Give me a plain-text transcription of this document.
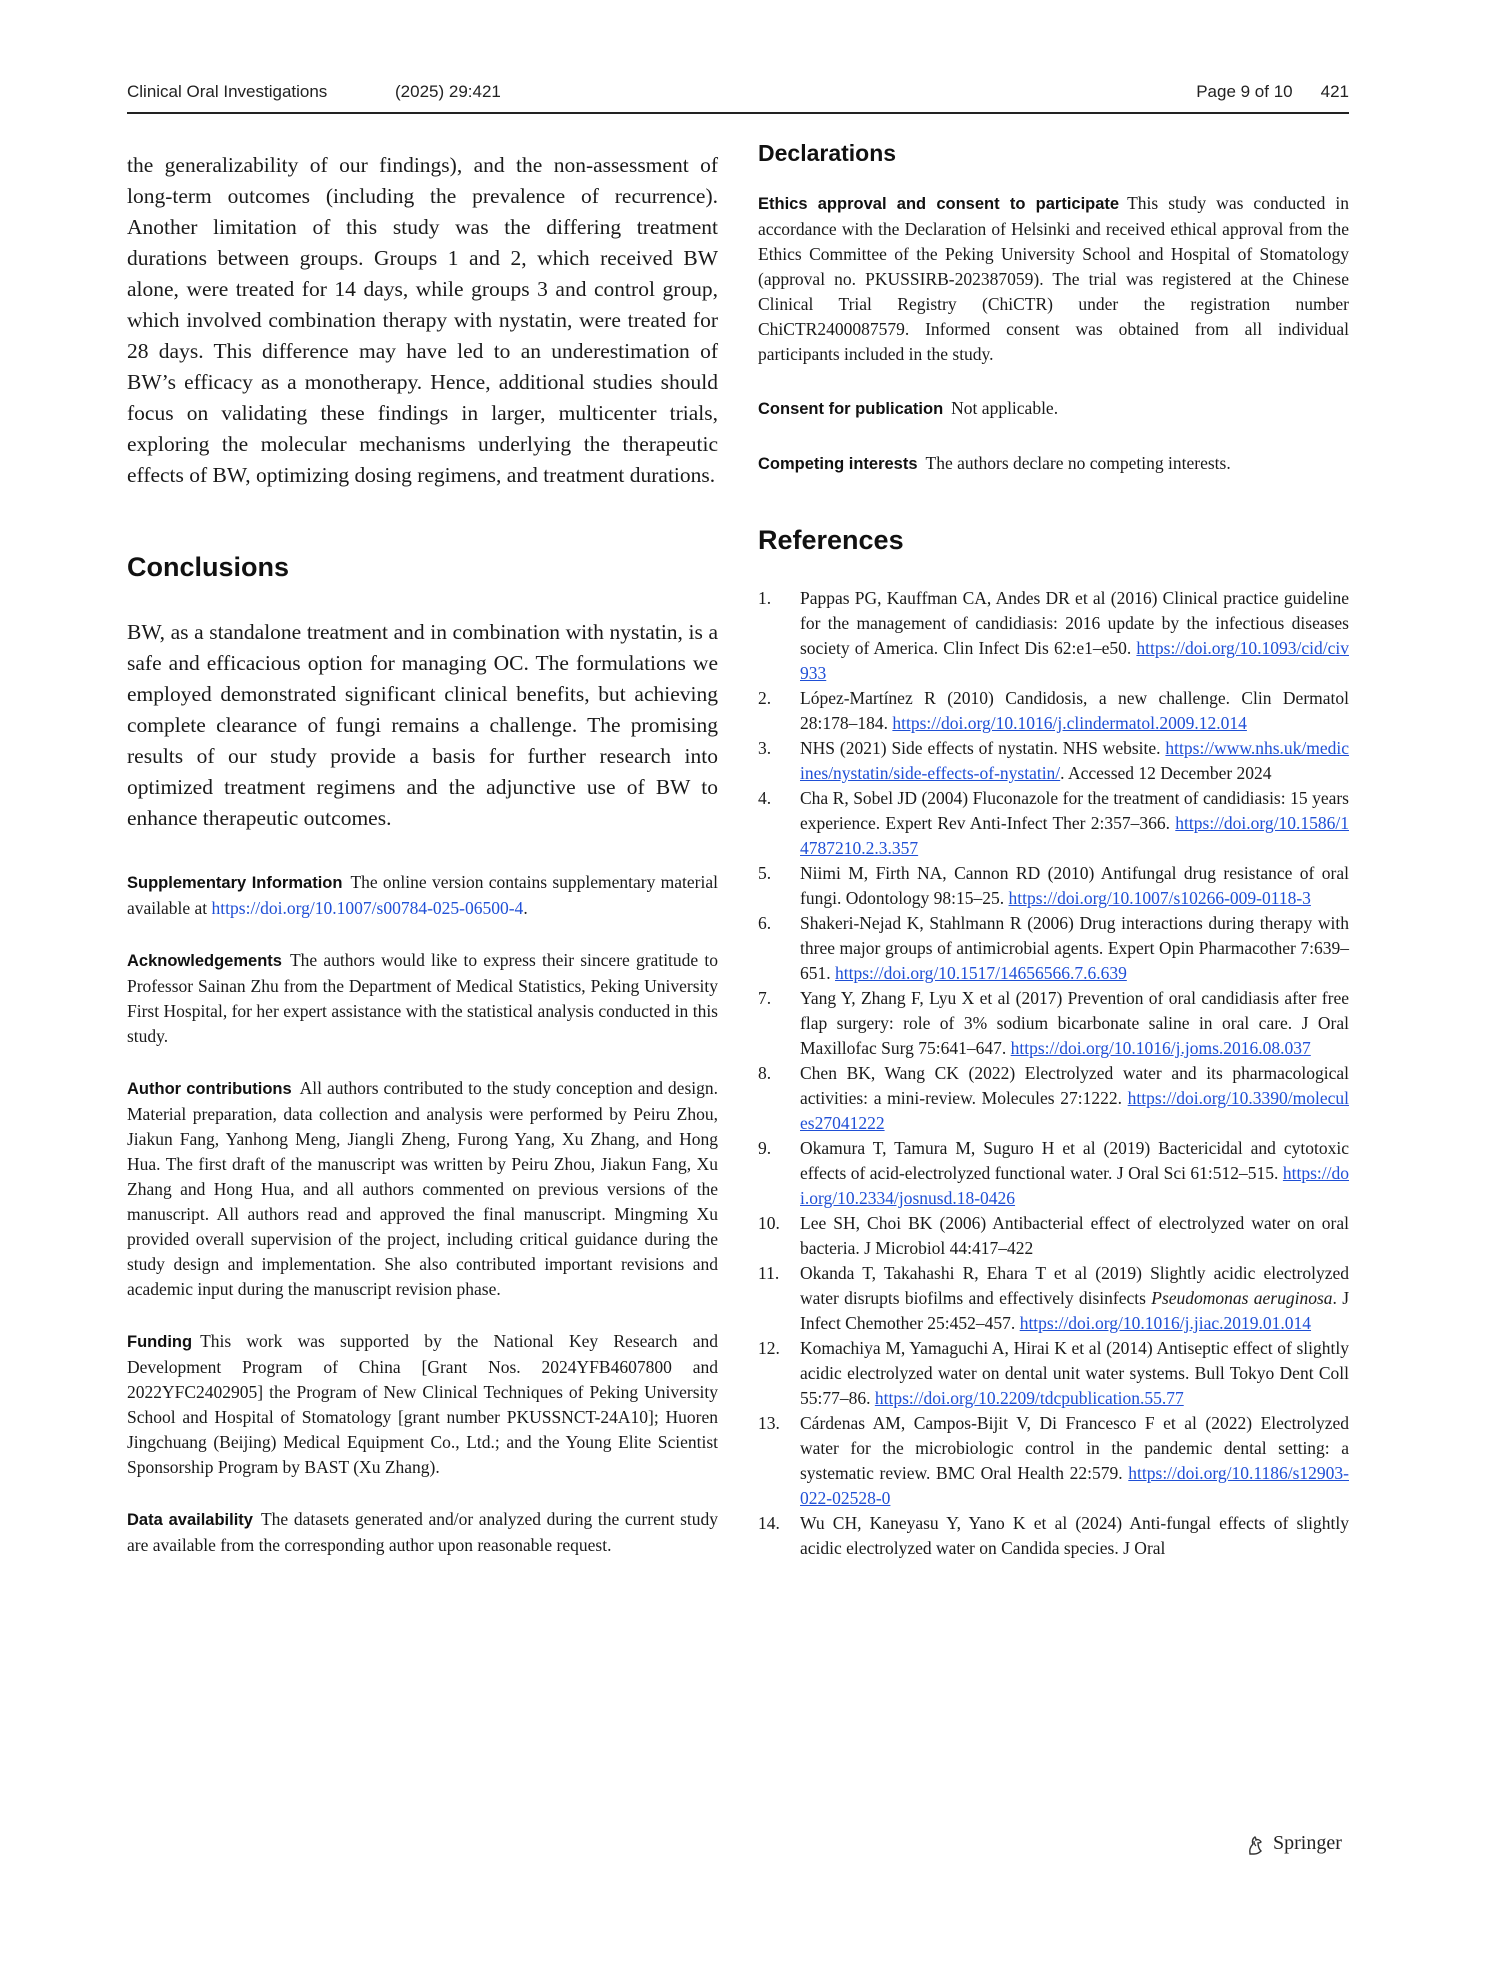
Clinical Oral Investigations	(2025) 29:421	Page 9 of 10 421

the generalizability of our findings), and the non-assessment of long-term outcomes (including the prevalence of recurrence). Another limitation of this study was the differing treatment durations between groups. Groups 1 and 2, which received BW alone, were treated for 14 days, while groups 3 and control group, which involved combination therapy with nystatin, were treated for 28 days. This difference may have led to an underestimation of BW’s efficacy as a monotherapy. Hence, additional studies should focus on validating these findings in larger, multicenter trials, exploring the molecular mechanisms underlying the therapeutic effects of BW, optimizing dosing regimens, and treatment durations.

Conclusions

BW, as a standalone treatment and in combination with nystatin, is a safe and efficacious option for managing OC. The formulations we employed demonstrated significant clinical benefits, but achieving complete clearance of fungi remains a challenge. The promising results of our study provide a basis for further research into optimized treatment regimens and the adjunctive use of BW to enhance therapeutic outcomes.

Supplementary Information The online version contains supplementary material available at https://doi.org/10.1007/s00784-025-06500-4.

Acknowledgements The authors would like to express their sincere gratitude to Professor Sainan Zhu from the Department of Medical Statistics, Peking University First Hospital, for her expert assistance with the statistical analysis conducted in this study.

Author contributions All authors contributed to the study conception and design. Material preparation, data collection and analysis were performed by Peiru Zhou, Jiakun Fang, Yanhong Meng, Jiangli Zheng, Furong Yang, Xu Zhang, and Hong Hua. The first draft of the manuscript was written by Peiru Zhou, Jiakun Fang, Xu Zhang and Hong Hua, and all authors commented on previous versions of the manuscript. All authors read and approved the final manuscript. Mingming Xu provided overall supervision of the project, including critical guidance during the study design and implementation. She also contributed important revisions and academic input during the manuscript revision phase.

Funding This work was supported by the National Key Research and Development Program of China [Grant Nos. 2024YFB4607800 and 2022YFC2402905] the Program of New Clinical Techniques of Peking University School and Hospital of Stomatology [grant number PKUSSNCT-24A10]; Huoren Jingchuang (Beijing) Medical Equipment Co., Ltd.; and the Young Elite Scientist Sponsorship Program by BAST (Xu Zhang).

Data availability The datasets generated and/or analyzed during the current study are available from the corresponding author upon reasonable request.

Declarations

Ethics approval and consent to participate This study was conducted in accordance with the Declaration of Helsinki and received ethical approval from the Ethics Committee of the Peking University School and Hospital of Stomatology (approval no. PKUSSIRB-202387059). The trial was registered at the Chinese Clinical Trial Registry (ChiCTR) under the registration number ChiCTR2400087579. Informed consent was obtained from all individual participants included in the study.

Consent for publication Not applicable.

Competing interests The authors declare no competing interests.

References
1.	Pappas PG, Kauffman CA, Andes DR et al (2016) Clinical practice guideline for the management of candidiasis: 2016 update by the infectious diseases society of America. Clin Infect Dis 62:e1–e50. https://doi.org/10.1093/cid/civ933
2.	López-Martínez R (2010) Candidosis, a new challenge. Clin Dermatol 28:178–184. https://doi.org/10.1016/j.clindermatol.2009.12.014
3.	NHS (2021) Side effects of nystatin. NHS website. https://www.nhs.uk/medicines/nystatin/side-effects-of-nystatin/. Accessed 12 December 2024
4.	Cha R, Sobel JD (2004) Fluconazole for the treatment of candidiasis: 15 years experience. Expert Rev Anti-Infect Ther 2:357–366. https://doi.org/10.1586/14787210.2.3.357
5.	Niimi M, Firth NA, Cannon RD (2010) Antifungal drug resistance of oral fungi. Odontology 98:15–25. https://doi.org/10.1007/s10266-009-0118-3
6.	Shakeri-Nejad K, Stahlmann R (2006) Drug interactions during therapy with three major groups of antimicrobial agents. Expert Opin Pharmacother 7:639–651. https://doi.org/10.1517/14656566.7.6.639
7.	Yang Y, Zhang F, Lyu X et al (2017) Prevention of oral candidiasis after free flap surgery: role of 3% sodium bicarbonate saline in oral care. J Oral Maxillofac Surg 75:641–647. https://doi.org/10.1016/j.joms.2016.08.037
8.	Chen BK, Wang CK (2022) Electrolyzed water and its pharmacological activities: a mini-review. Molecules 27:1222. https://doi.org/10.3390/molecules27041222
9.	Okamura T, Tamura M, Suguro H et al (2019) Bactericidal and cytotoxic effects of acid-electrolyzed functional water. J Oral Sci 61:512–515. https://doi.org/10.2334/josnusd.18-0426
10.	Lee SH, Choi BK (2006) Antibacterial effect of electrolyzed water on oral bacteria. J Microbiol 44:417–422
11.	Okanda T, Takahashi R, Ehara T et al (2019) Slightly acidic electrolyzed water disrupts biofilms and effectively disinfects Pseudomonas aeruginosa. J Infect Chemother 25:452–457. https://doi.org/10.1016/j.jiac.2019.01.014
12.	Komachiya M, Yamaguchi A, Hirai K et al (2014) Antiseptic effect of slightly acidic electrolyzed water on dental unit water systems. Bull Tokyo Dent Coll 55:77–86. https://doi.org/10.2209/tdcpublication.55.77
13.	Cárdenas AM, Campos-Bijit V, Di Francesco F et al (2022) Electrolyzed water for the microbiologic control in the pandemic dental setting: a systematic review. BMC Oral Health 22:579. https://doi.org/10.1186/s12903-022-02528-0
14.	Wu CH, Kaneyasu Y, Yano K et al (2024) Anti-fungal effects of slightly acidic electrolyzed water on Candida species. J Oral
Springer
